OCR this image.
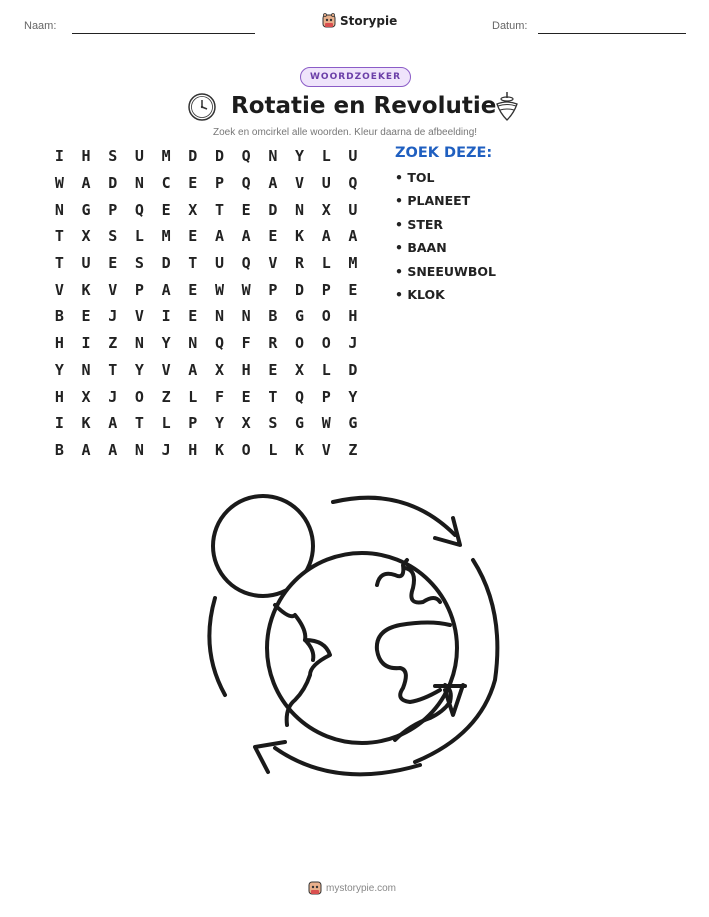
Naam:	Storypie	Datum:
WOORDZOEKER
Rotatie en Revolutie
Zoek en omcirkel alle woorden. Kleur daarna de afbeelding!
I	H	S	U	M	D	D	Q	N	Y	L	U
W	A	D	N	C	E	P	Q	A	V	U	Q
N	G	P	Q	E	X	T	E	D	N	X	U
T	X	S	L	M	E	A	A	E	K	A	A
T	U	E	S	D	T	U	Q	V	R	L	M
V	K	V	P	A	E	W	W	P	D	P	E
B	E	J	V	I	E	N	N	B	G	O	H
H	I	Z	N	Y	N	Q	F	R	O	O	J
Y	N	T	Y	V	A	X	H	E	X	L	D
H	X	J	O	Z	L	F	E	T	Q	P	Y
I	K	A	T	L	P	Y	X	S	G	W	G
B	A	A	N	J	H	K	O	L	K	V	Z
ZOEK DEZE:
• TOL
• PLANEET
• STER
• BAAN
• SNEEUWBOL
• KLOK
mystorypie.com
